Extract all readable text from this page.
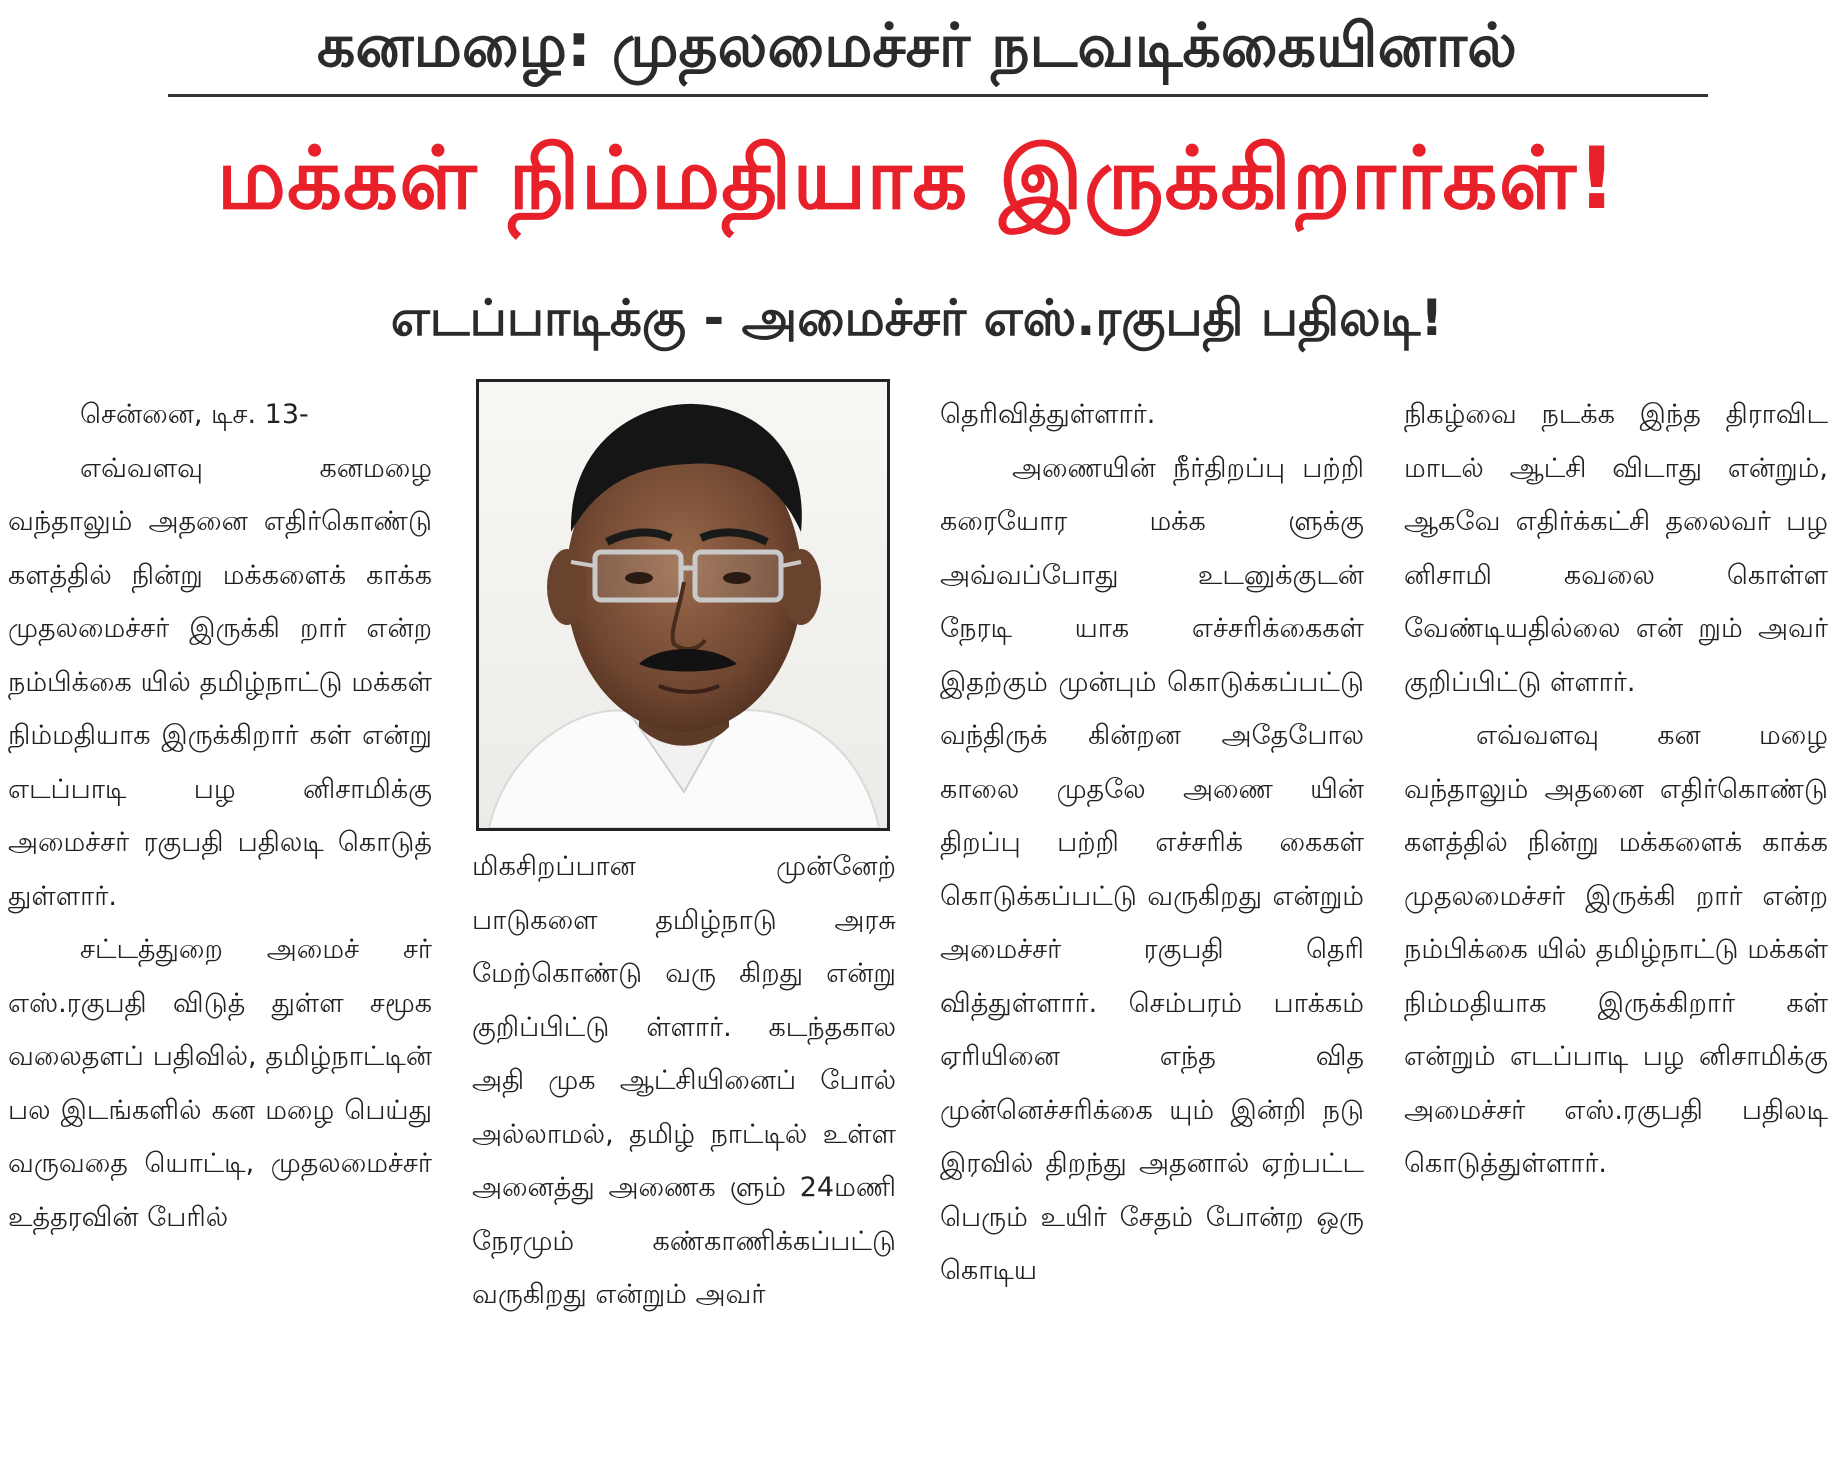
கனமழை: முதலமைச்சர் நடவடிக்கையினால்
மக்கள் நிம்மதியாக இருக்கிறார்கள்!
எடப்பாடிக்கு - அமைச்சர் எஸ்.ரகுபதி பதிலடி!

சென்னை, டிச. 13-

எவ்வளவு கனமழை வந்தாலும் அதனை எதிர்கொண்டு களத்தில் நின்று மக்களைக் காக்க முதலமைச்சர் இருக்கி றார் என்ற நம்பிக்கை யில் தமிழ்நாட்டு மக்கள் நிம்மதியாக இருக்கிறார் கள் என்று எடப்பாடி பழ னிசாமிக்கு அமைச்சர் ரகுபதி பதிலடி கொடுத் துள்ளார்.

சட்டத்துறை அமைச் சர் எஸ்.ரகுபதி விடுத் துள்ள சமூக வலைதளப் பதிவில், தமிழ்நாட்டின் பல இடங்களில் கன மழை பெய்து வருவதை யொட்டி, முதலமைச்சர் உத்தரவின் பேரில்

மிகசிறப்பான முன்னேற் பாடுகளை தமிழ்நாடு அரசு மேற்கொண்டு வரு கிறது என்று குறிப்பிட்டு ள்ளார். கடந்தகால அதி முக ஆட்சியினைப் போல் அல்லாமல், தமிழ் நாட்டில் உள்ள அனைத்து அணைக ளும் 24மணி நேரமும் கண்காணிக்கப்பட்டு வருகிறது என்றும் அவர்

தெரிவித்துள்ளார்.

அணையின் நீர்திறப்பு பற்றி கரையோர மக்க ளுக்கு அவ்வப்போது உடனுக்குடன் நேரடி யாக எச்சரிக்கைகள் இதற்கும் முன்பும் கொடுக்கப்பட்டு வந்திருக் கின்றன அதேபோல காலை முதலே அணை யின் திறப்பு பற்றி எச்சரிக் கைகள் கொடுக்கப்பட்டு வருகிறது என்றும் அமைச்சர் ரகுபதி தெரி வித்துள்ளார். செம்பரம் பாக்கம் ஏரியினை எந்த வித முன்னெச்சரிக்கை யும் இன்றி நடு இரவில் திறந்து அதனால் ஏற்பட்ட பெரும் உயிர் சேதம் போன்ற ஒரு கொடிய

நிகழ்வை நடக்க இந்த திராவிட மாடல் ஆட்சி விடாது என்றும், ஆகவே எதிர்க்கட்சி தலைவர் பழ னிசாமி கவலை கொள்ள வேண்டியதில்லை என் றும் அவர் குறிப்பிட்டு ள்ளார்.

எவ்வளவு கன மழை வந்தாலும் அதனை எதிர்கொண்டு களத்தில் நின்று மக்களைக் காக்க முதலமைச்சர் இருக்கி றார் என்ற நம்பிக்கை யில் தமிழ்நாட்டு மக்கள் நிம்மதியாக இருக்கிறார் கள் என்றும் எடப்பாடி பழ னிசாமிக்கு அமைச்சர் எஸ்.ரகுபதி பதிலடி கொடுத்துள்ளார்.
